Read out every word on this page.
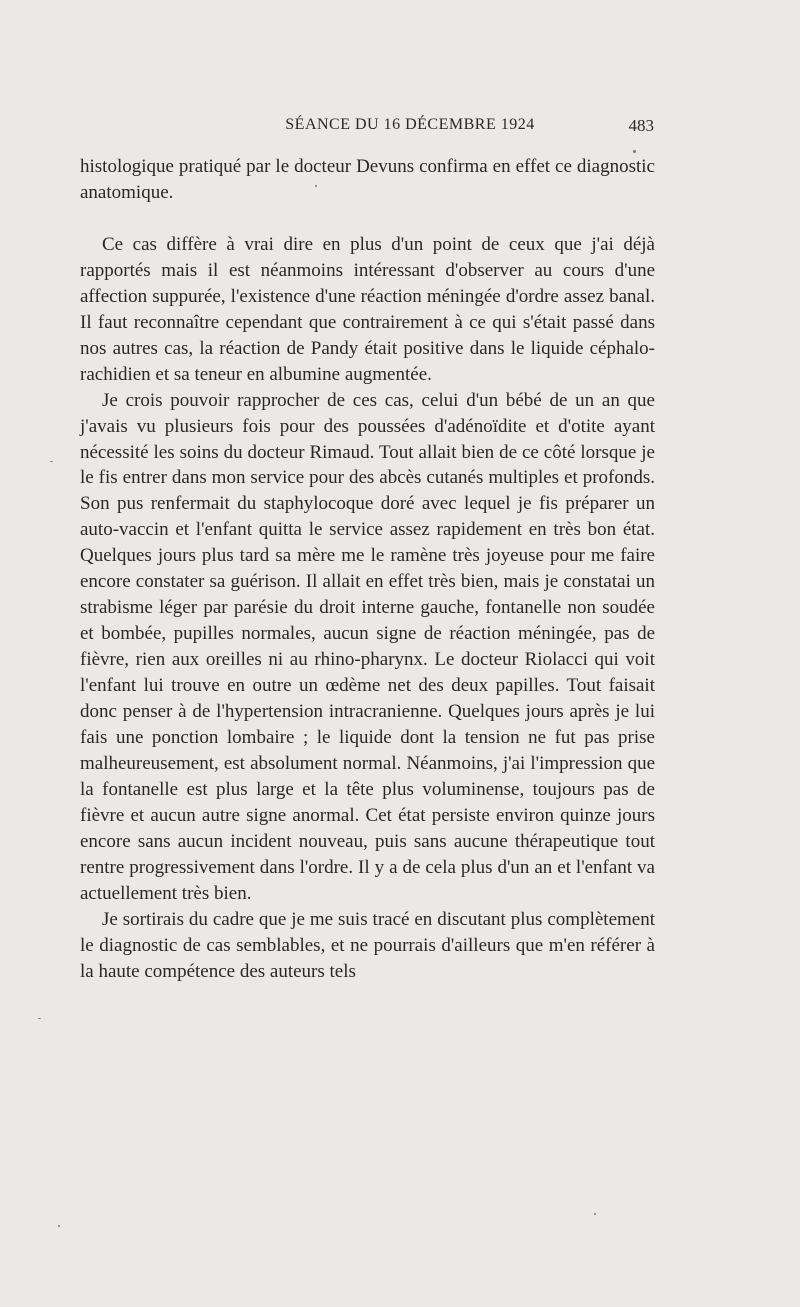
SÉANCE DU 16 DÉCEMBRE 1924	483

histologique pratiqué par le docteur Devuns confirma en effet ce diagnostic anatomique.

Ce cas diffère à vrai dire en plus d'un point de ceux que j'ai déjà rapportés mais il est néanmoins intéressant d'observer au cours d'une affection suppurée, l'existence d'une réaction méningée d'ordre assez banal. Il faut reconnaître cependant que contrairement à ce qui s'était passé dans nos autres cas, la réaction de Pandy était positive dans le liquide céphalo-rachidien et sa teneur en albumine augmentée.

Je crois pouvoir rapprocher de ces cas, celui d'un bébé de un an que j'avais vu plusieurs fois pour des poussées d'adénoïdite et d'otite ayant nécessité les soins du docteur Rimaud. Tout allait bien de ce côté lorsque je le fis entrer dans mon service pour des abcès cutanés multiples et profonds. Son pus renfermait du staphylocoque doré avec lequel je fis préparer un auto-vaccin et l'enfant quitta le service assez rapidement en très bon état. Quelques jours plus tard sa mère me le ramène très joyeuse pour me faire encore constater sa guérison. Il allait en effet très bien, mais je constatai un strabisme léger par parésie du droit interne gauche, fontanelle non soudée et bombée, pupilles normales, aucun signe de réaction méningée, pas de fièvre, rien aux oreilles ni au rhino-pharynx. Le docteur Riolacci qui voit l'enfant lui trouve en outre un œdème net des deux papilles. Tout faisait donc penser à de l'hypertension intracranienne. Quelques jours après je lui fais une ponction lombaire ; le liquide dont la tension ne fut pas prise malheureusement, est absolument normal. Néanmoins, j'ai l'impression que la fontanelle est plus large et la tête plus voluminense, toujours pas de fièvre et aucun autre signe anormal. Cet état persiste environ quinze jours encore sans aucun incident nouveau, puis sans aucune thérapeutique tout rentre progressivement dans l'ordre. Il y a de cela plus d'un an et l'enfant va actuellement très bien.

Je sortirais du cadre que je me suis tracé en discutant plus complètement le diagnostic de cas semblables, et ne pourrais d'ailleurs que m'en référer à la haute compétence des auteurs tels
